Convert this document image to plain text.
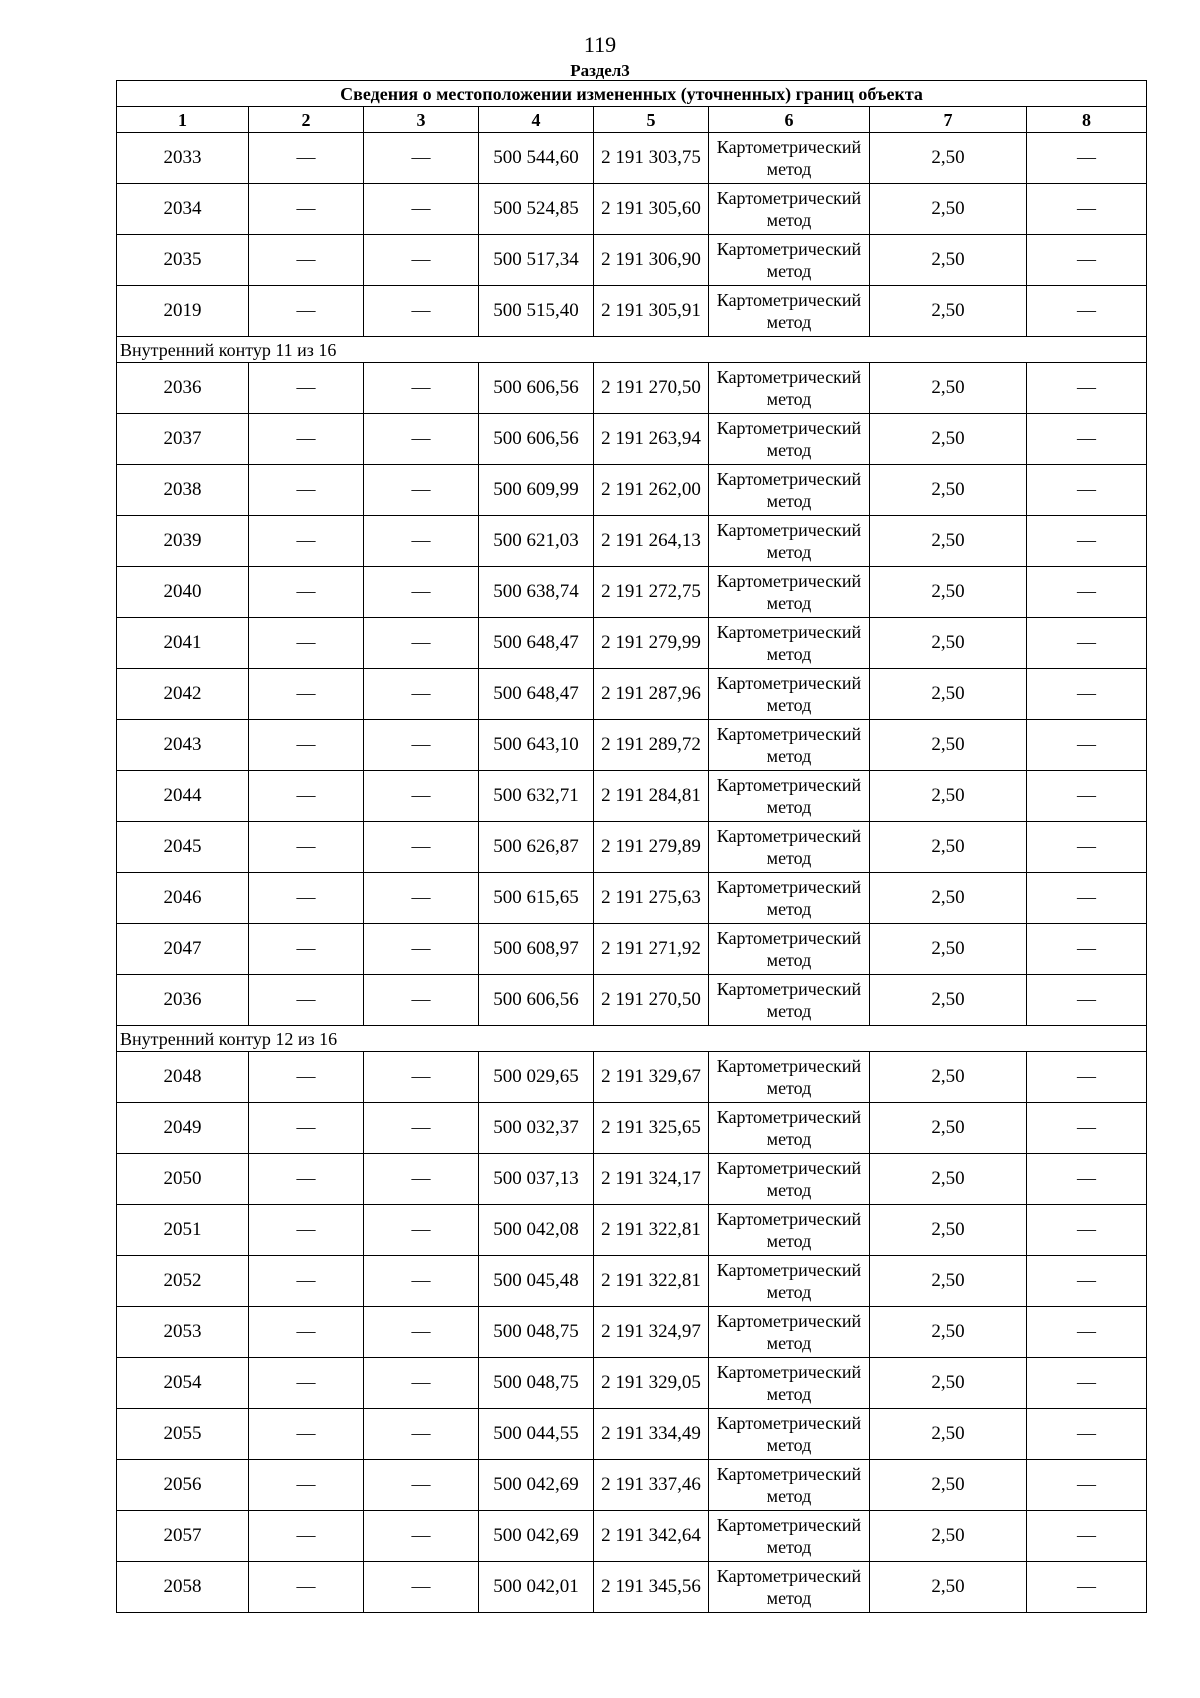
119
Раздел3
Сведения о местоположении измененных (уточненных) границ объекта							
1	2	3	4	5	6	7	8
2033	—	—	500 544,60	2 191 303,75	Картометрический метод	2,50	—
2034	—	—	500 524,85	2 191 305,60	Картометрический метод	2,50	—
2035	—	—	500 517,34	2 191 306,90	Картометрический метод	2,50	—
2019	—	—	500 515,40	2 191 305,91	Картометрический метод	2,50	—
Внутренний контур 11 из 16							
2036	—	—	500 606,56	2 191 270,50	Картометрический метод	2,50	—
2037	—	—	500 606,56	2 191 263,94	Картометрический метод	2,50	—
2038	—	—	500 609,99	2 191 262,00	Картометрический метод	2,50	—
2039	—	—	500 621,03	2 191 264,13	Картометрический метод	2,50	—
2040	—	—	500 638,74	2 191 272,75	Картометрический метод	2,50	—
2041	—	—	500 648,47	2 191 279,99	Картометрический метод	2,50	—
2042	—	—	500 648,47	2 191 287,96	Картометрический метод	2,50	—
2043	—	—	500 643,10	2 191 289,72	Картометрический метод	2,50	—
2044	—	—	500 632,71	2 191 284,81	Картометрический метод	2,50	—
2045	—	—	500 626,87	2 191 279,89	Картометрический метод	2,50	—
2046	—	—	500 615,65	2 191 275,63	Картометрический метод	2,50	—
2047	—	—	500 608,97	2 191 271,92	Картометрический метод	2,50	—
2036	—	—	500 606,56	2 191 270,50	Картометрический метод	2,50	—
Внутренний контур 12 из 16							
2048	—	—	500 029,65	2 191 329,67	Картометрический метод	2,50	—
2049	—	—	500 032,37	2 191 325,65	Картометрический метод	2,50	—
2050	—	—	500 037,13	2 191 324,17	Картометрический метод	2,50	—
2051	—	—	500 042,08	2 191 322,81	Картометрический метод	2,50	—
2052	—	—	500 045,48	2 191 322,81	Картометрический метод	2,50	—
2053	—	—	500 048,75	2 191 324,97	Картометрический метод	2,50	—
2054	—	—	500 048,75	2 191 329,05	Картометрический метод	2,50	—
2055	—	—	500 044,55	2 191 334,49	Картометрический метод	2,50	—
2056	—	—	500 042,69	2 191 337,46	Картометрический метод	2,50	—
2057	—	—	500 042,69	2 191 342,64	Картометрический метод	2,50	—
2058	—	—	500 042,01	2 191 345,56	Картометрический метод	2,50	—
